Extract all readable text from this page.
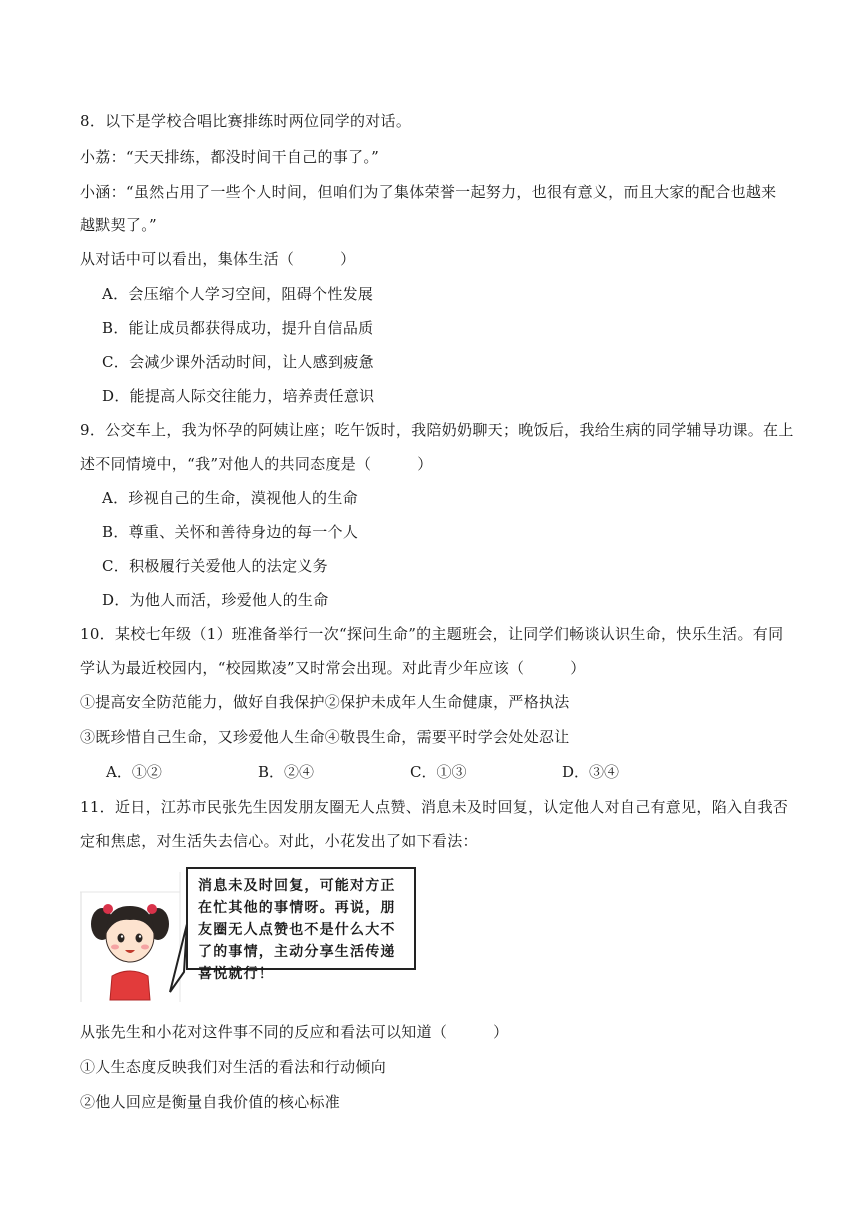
8．以下是学校合唱比赛排练时两位同学的对话。
小荔：“天天排练，都没时间干自己的事了。”
小涵：“虽然占用了一些个人时间，但咱们为了集体荣誉一起努力，也很有意义，而且大家的配合也越来
越默契了。”
从对话中可以看出，集体生活（　　　）
A．会压缩个人学习空间，阻碍个性发展
B．能让成员都获得成功，提升自信品质
C．会减少课外活动时间，让人感到疲惫
D．能提高人际交往能力，培养责任意识
9．公交车上，我为怀孕的阿姨让座；吃午饭时，我陪奶奶聊天；晚饭后，我给生病的同学辅导功课。在上
述不同情境中，“我”对他人的共同态度是（　　　）
A．珍视自己的生命，漠视他人的生命
B．尊重、关怀和善待身边的每一个人
C．积极履行关爱他人的法定义务
D．为他人而活，珍爱他人的生命
10．某校七年级（1）班准备举行一次“探问生命”的主题班会，让同学们畅谈认识生命，快乐生活。有同
学认为最近校园内，“校园欺凌”又时常会出现。对此青少年应该（　　　）
①提高安全防范能力，做好自我保护②保护未成年人生命健康，严格执法
③既珍惜自己生命，又珍爱他人生命④敬畏生命，需要平时学会处处忍让
A．①②	B．②④	C．①③	D．③④
11．近日，江苏市民张先生因发朋友圈无人点赞、消息未及时回复，认定他人对自己有意见，陷入自我否
定和焦虑，对生活失去信心。对此，小花发出了如下看法：
消息未及时回复，可能对方正在忙其他的事情呀。再说，朋友圈无人点赞也不是什么大不了的事情，主动分享生活传递喜悦就行！
从张先生和小花对这件事不同的反应和看法可以知道（　　　）
①人生态度反映我们对生活的看法和行动倾向
②他人回应是衡量自我价值的核心标准
